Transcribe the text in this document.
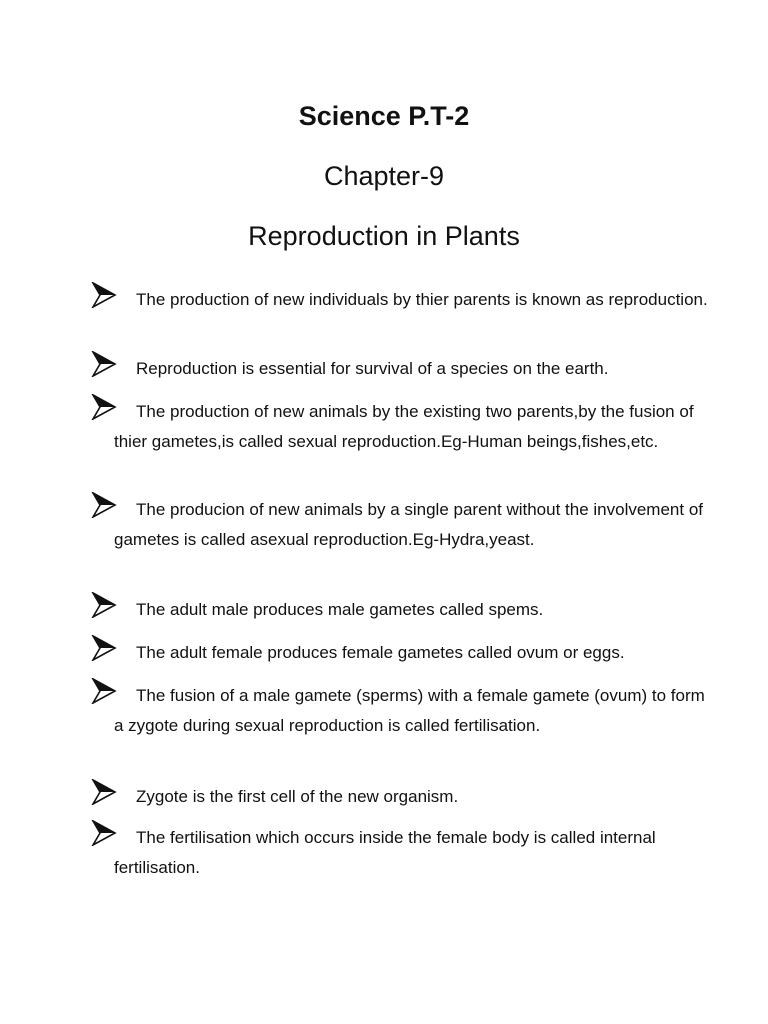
Science P.T-2
Chapter-9
Reproduction in Plants

The production of new individuals by thier parents is known as reproduction.

Reproduction is essential for survival of a species on the earth.

The production of new animals by the existing two parents,by the fusion of thier gametes,is called sexual reproduction.Eg-Human beings,fishes,etc.

The producion of new animals by a single parent without the involvement of gametes is called asexual reproduction.Eg-Hydra,yeast.

The adult male produces male gametes called spems.

The adult female produces female gametes called ovum or eggs.

The fusion of a male gamete (sperms) with a female gamete (ovum) to form a zygote during sexual reproduction is called fertilisation.

Zygote is the first cell of the new organism.

The fertilisation which occurs inside the female body is called internal fertilisation.
